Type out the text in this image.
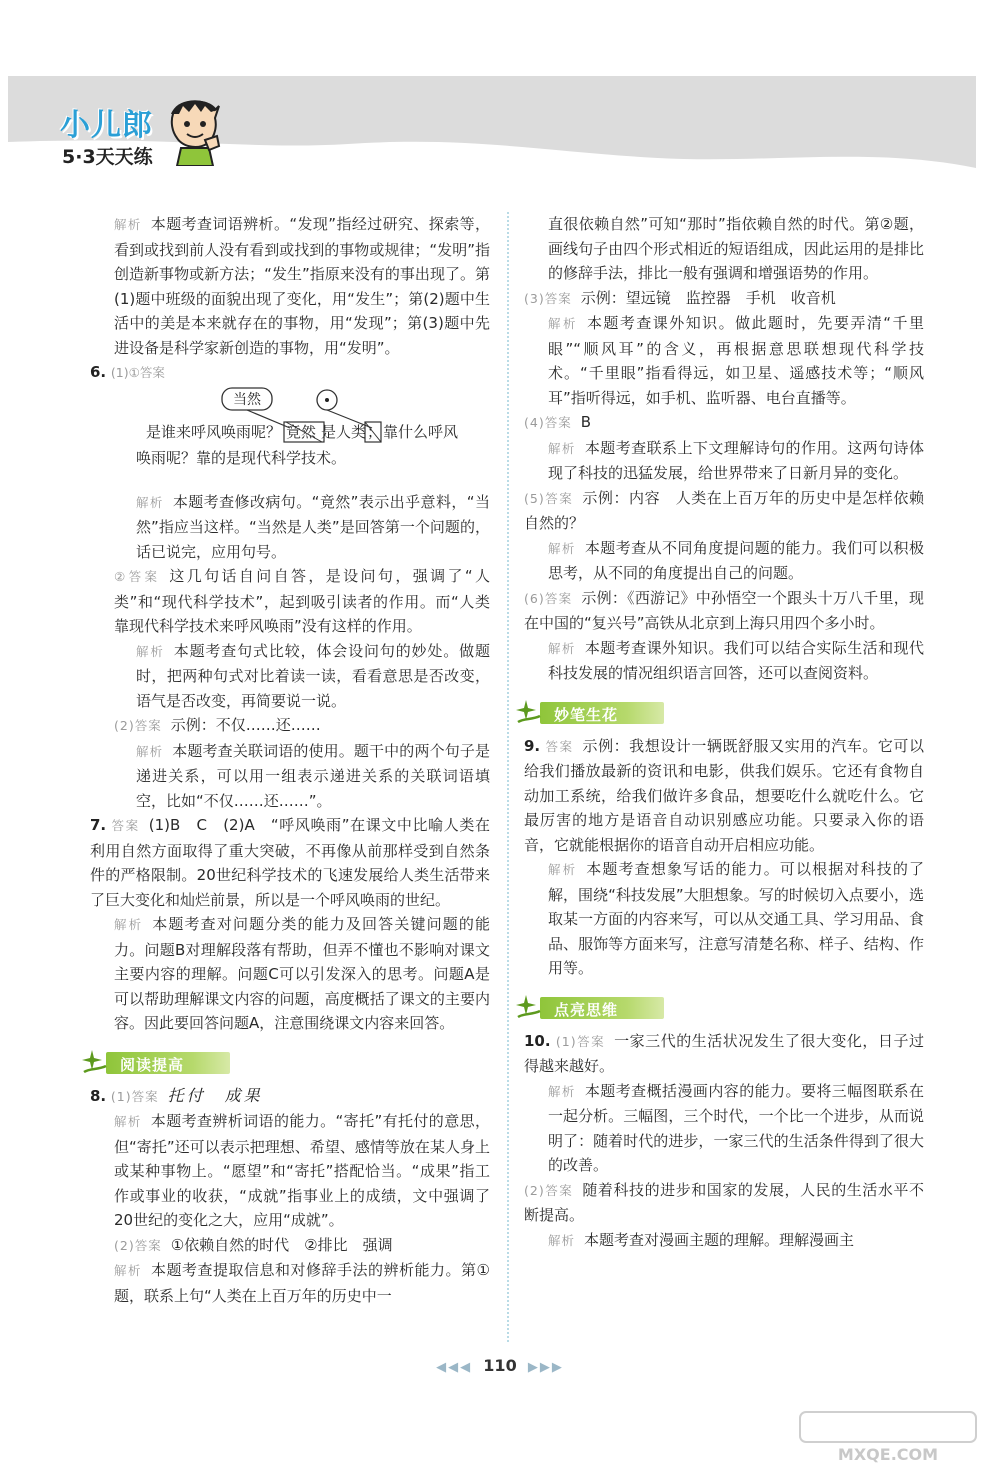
小儿郎
5·3天天练

解析 本题考查词语辨析。“发现”指经过研究、探索等，看到或找到前人没有看到或找到的事物或规律；“发明”指创造新事物或新方法；“发生”指原来没有的事出现了。第(1)题中班级的面貌出现了变化，用“发生”；第(2)题中生活中的美是本来就存在的事物，用“发现”；第(3)题中先进设备是科学家新创造的事物，用“发明”。

6. (1)①答案

当然
是谁来呼风唤雨呢？ 竟然 是人类；靠什么呼风
唤雨呢？靠的是现代科学技术。

解析 本题考查修改病句。“竟然”表示出乎意料，“当然”指应当这样。“当然是人类”是回答第一个问题的，话已说完，应用句号。

②答案 这几句话自问自答，是设问句，强调了“人类”和“现代科学技术”，起到吸引读者的作用。而“人类靠现代科学技术来呼风唤雨”没有这样的作用。

解析 本题考查句式比较，体会设问句的妙处。做题时，把两种句式对比着读一读，看看意思是否改变，语气是否改变，再简要说一说。

(2)答案 示例：不仅……还……

解析 本题考查关联词语的使用。题干中的两个句子是递进关系，可以用一组表示递进关系的关联词语填空，比如“不仅……还……”。

7. 答案 (1)B　C　(2)A　“呼风唤雨”在课文中比喻人类在利用自然方面取得了重大突破，不再像从前那样受到自然条件的严格限制。20世纪科学技术的飞速发展给人类生活带来了巨大变化和灿烂前景，所以是一个呼风唤雨的世纪。

解析 本题考查对问题分类的能力及回答关键问题的能力。问题B对理解段落有帮助，但弄不懂也不影响对课文主要内容的理解。问题C可以引发深入的思考。问题A是可以帮助理解课文内容的问题，高度概括了课文的主要内容。因此要回答问题A，注意围绕课文内容来回答。

阅读提高

8. (1)答案 托付　成果

解析 本题考查辨析词语的能力。“寄托”有托付的意思，但“寄托”还可以表示把理想、希望、感情等放在某人身上或某种事物上。“愿望”和“寄托”搭配恰当。“成果”指工作或事业的收获，“成就”指事业上的成绩，文中强调了20世纪的变化之大，应用“成就”。

(2)答案 ①依赖自然的时代　②排比　强调

解析 本题考查提取信息和对修辞手法的辨析能力。第①题，联系上句“人类在上百万年的历史中一

直很依赖自然”可知“那时”指依赖自然的时代。第②题，画线句子由四个形式相近的短语组成，因此运用的是排比的修辞手法，排比一般有强调和增强语势的作用。

(3)答案 示例：望远镜　监控器　手机　收音机

解析 本题考查课外知识。做此题时，先要弄清“千里眼”“顺风耳”的含义，再根据意思联想现代科学技术。“千里眼”指看得远，如卫星、遥感技术等；“顺风耳”指听得远，如手机、监听器、电台直播等。

(4)答案 B

解析 本题考查联系上下文理解诗句的作用。这两句诗体现了科技的迅猛发展，给世界带来了日新月异的变化。

(5)答案 示例：内容　人类在上百万年的历史中是怎样依赖自然的？

解析 本题考查从不同角度提问题的能力。我们可以积极思考，从不同的角度提出自己的问题。

(6)答案 示例：《西游记》中孙悟空一个跟头十万八千里，现在中国的“复兴号”高铁从北京到上海只用四个多小时。

解析 本题考查课外知识。我们可以结合实际生活和现代科技发展的情况组织语言回答，还可以查阅资料。

妙笔生花

9. 答案 示例：我想设计一辆既舒服又实用的汽车。它可以给我们播放最新的资讯和电影，供我们娱乐。它还有食物自动加工系统，给我们做许多食品，想要吃什么就吃什么。它最厉害的地方是语音自动识别感应功能。只要录入你的语音，它就能根据你的语音自动开启相应功能。

解析 本题考查想象写话的能力。可以根据对科技的了解，围绕“科技发展”大胆想象。写的时候切入点要小，选取某一方面的内容来写，可以从交通工具、学习用品、食品、服饰等方面来写，注意写清楚名称、样子、结构、作用等。

点亮思维

10. (1)答案 一家三代的生活状况发生了很大变化，日子过得越来越好。

解析 本题考查概括漫画内容的能力。要将三幅图联系在一起分析。三幅图，三个时代，一个比一个进步，从而说明了：随着时代的进步，一家三代的生活条件得到了很大的改善。

(2)答案 随着科技的进步和国家的发展，人民的生活水平不断提高。

解析 本题考查对漫画主题的理解。理解漫画主

◀◀◀ 110 ▶▶▶
MXQE.COM
